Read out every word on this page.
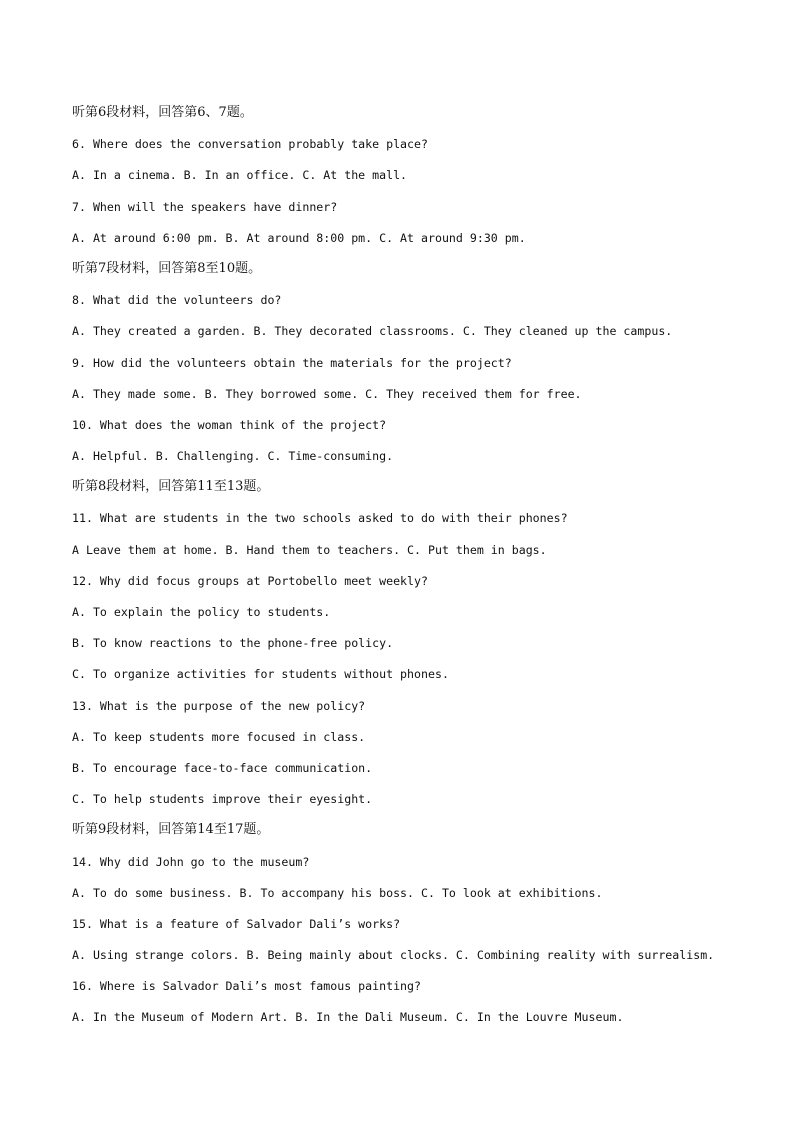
听第6段材料，回答第6、7题。
6. Where does the conversation probably take place?
A. In a cinema. B. In an office. C. At the mall.
7. When will the speakers have dinner?
A. At around 6:00 pm. B. At around 8:00 pm. C. At around 9:30 pm.
听第7段材料，回答第8至10题。
8. What did the volunteers do?
A. They created a garden. B. They decorated classrooms. C. They cleaned up the campus.
9. How did the volunteers obtain the materials for the project?
A. They made some. B. They borrowed some. C. They received them for free.
10. What does the woman think of the project?
A. Helpful. B. Challenging. C. Time-consuming.
听第8段材料，回答第11至13题。
11. What are students in the two schools asked to do with their phones?
A Leave them at home. B. Hand them to teachers. C. Put them in bags.
12. Why did focus groups at Portobello meet weekly?
A. To explain the policy to students.
B. To know reactions to the phone-free policy.
C. To organize activities for students without phones.
13. What is the purpose of the new policy?
A. To keep students more focused in class.
B. To encourage face-to-face communication.
C. To help students improve their eyesight.
听第9段材料，回答第14至17题。
14. Why did John go to the museum?
A. To do some business. B. To accompany his boss. C. To look at exhibitions.
15. What is a feature of Salvador Dali’s works?
A. Using strange colors. B. Being mainly about clocks. C. Combining reality with surrealism.
16. Where is Salvador Dali’s most famous painting?
A. In the Museum of Modern Art. B. In the Dali Museum. C. In the Louvre Museum.
